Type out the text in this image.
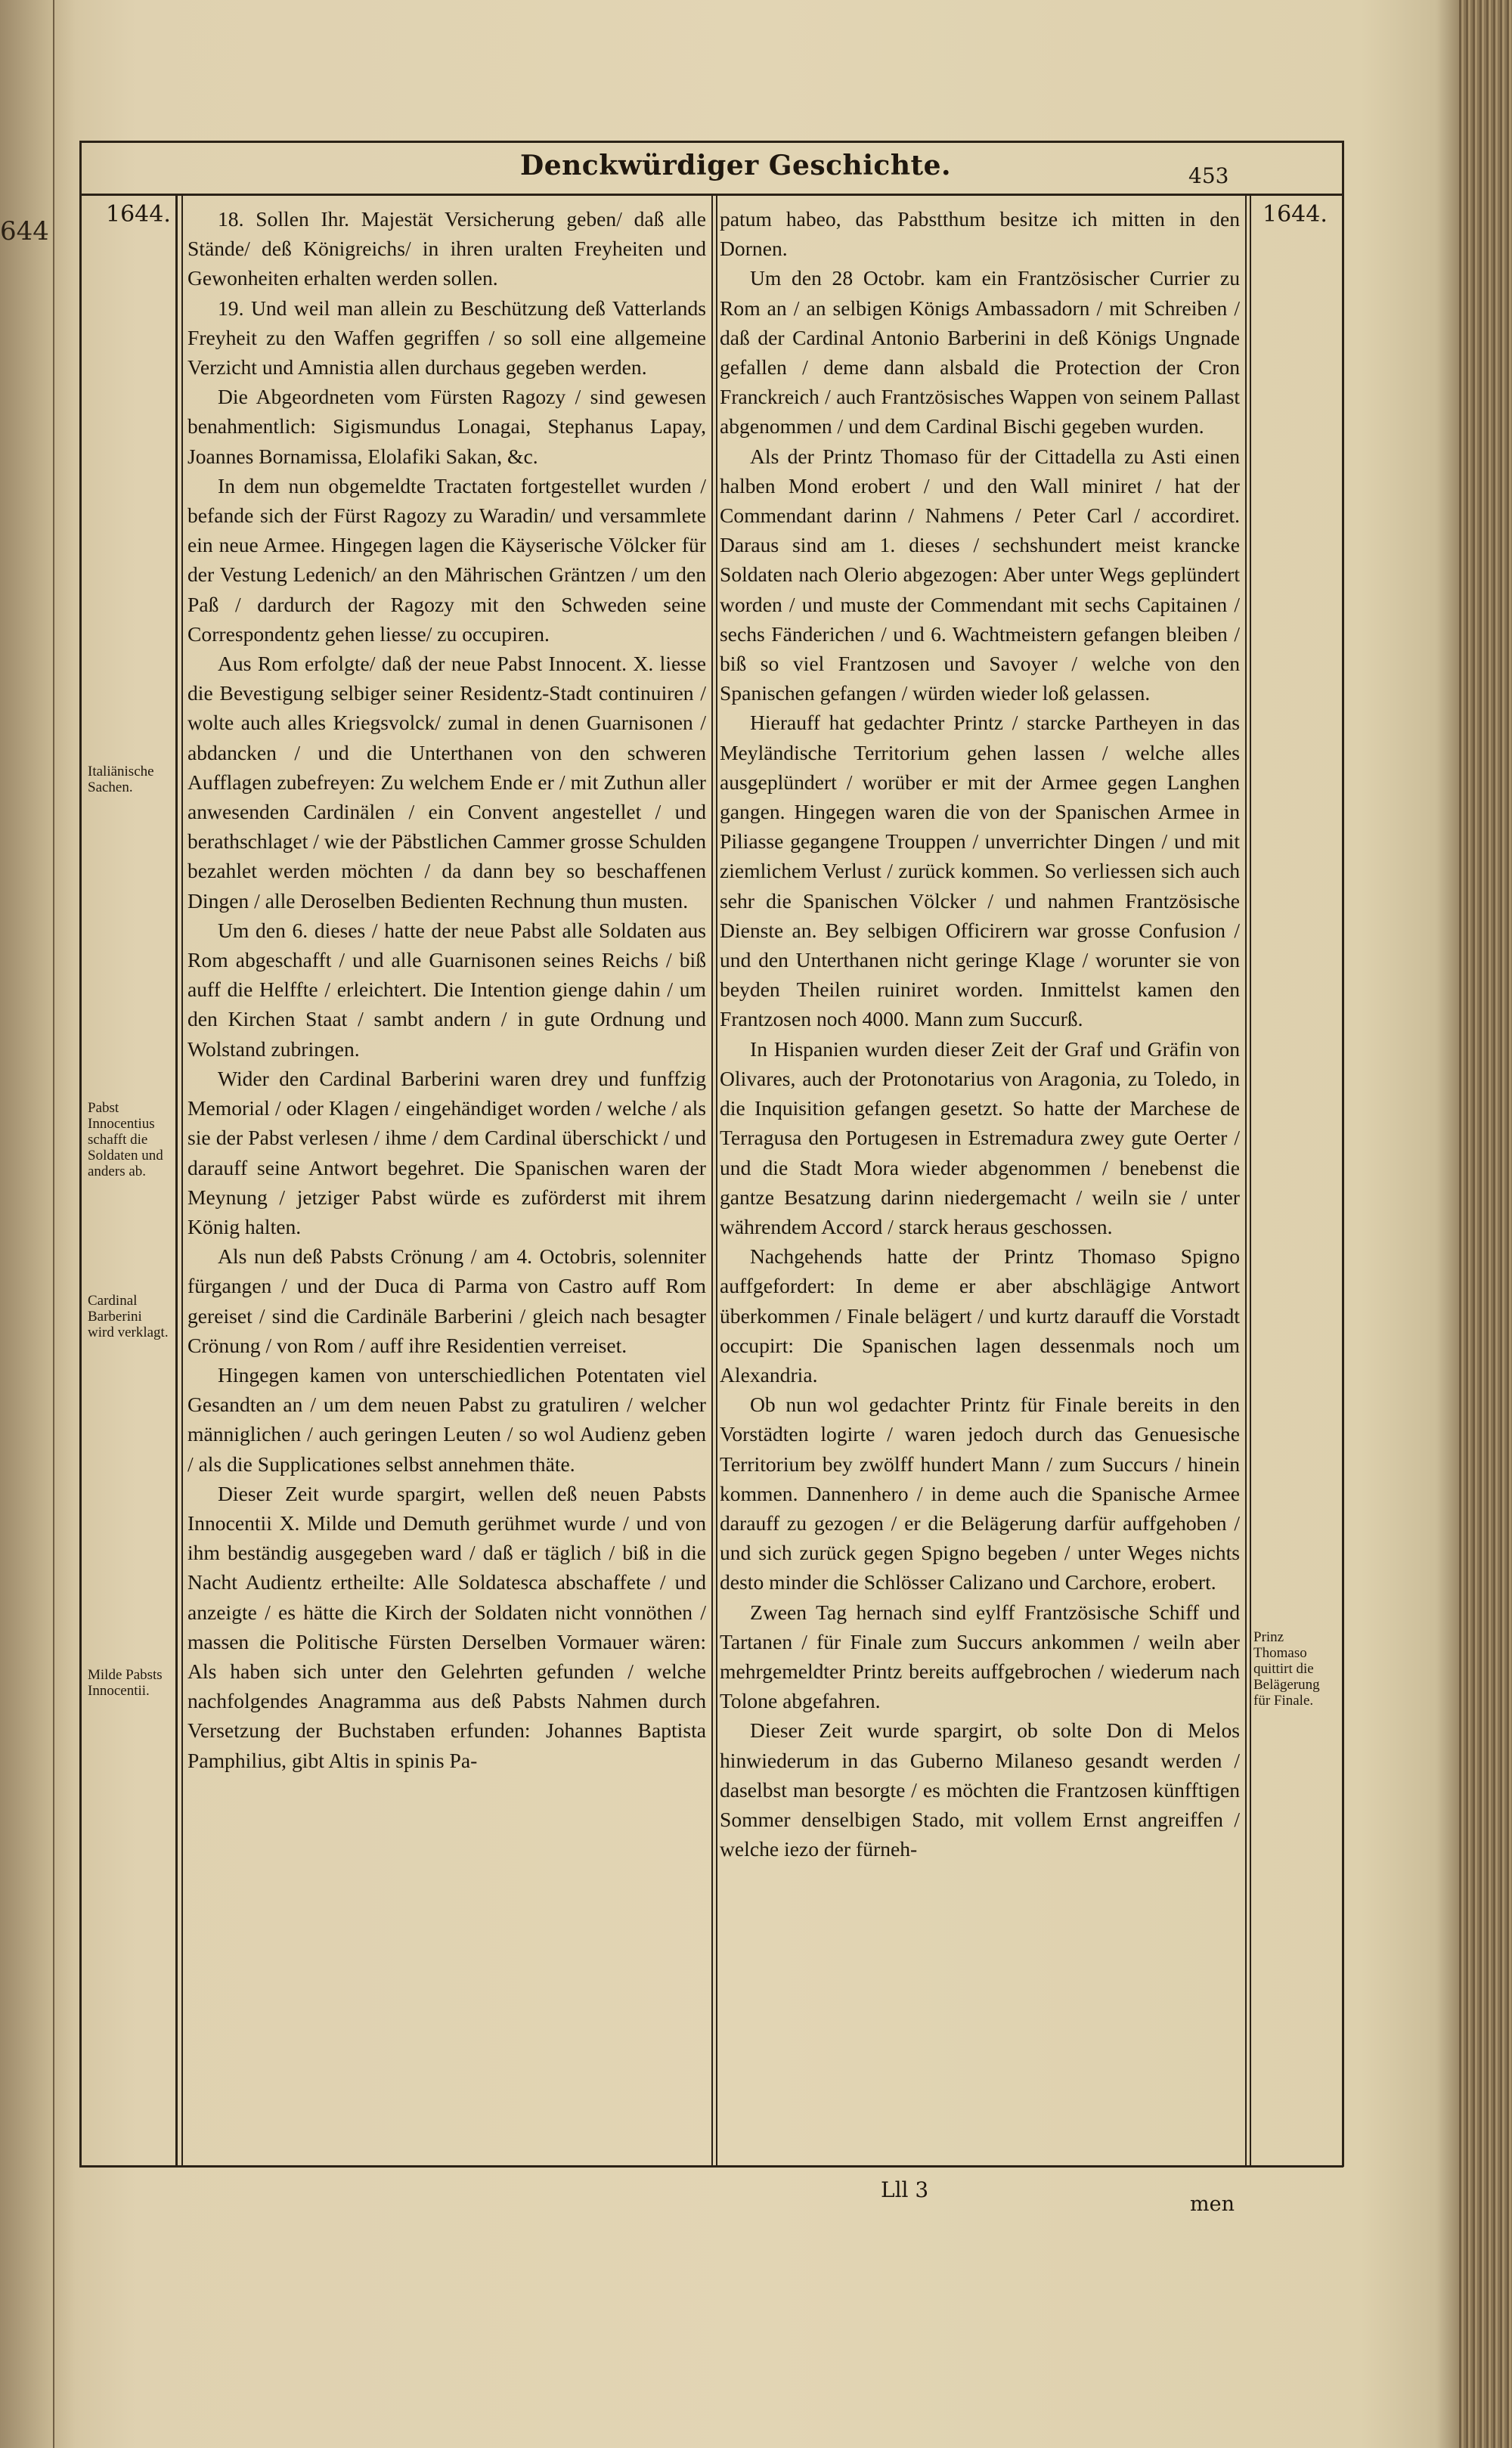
644
Denckwürdiger Geschichte.	453
1644.	1644.
Italiänische Sachen.
Pabst Innocentius schafft die Soldaten und anders ab.
Cardinal Barberini wird verklagt.
Milde Pabsts Innocentii.
Prinz Thomaso quittirt die Belägerung für Finale.

18. Sollen Ihr. Majestät Versicherung geben/ daß alle Stände/ deß Königreichs/ in ihren uralten Freyheiten und Gewonheiten erhalten werden sollen.

19. Und weil man allein zu Beschützung deß Vatterlands Freyheit zu den Waffen gegriffen / so soll eine allgemeine Verzicht und Amnistia allen durchaus gegeben werden.

Die Abgeordneten vom Fürsten Ragozy / sind gewesen benahmentlich: Sigismundus Lonagai, Stephanus Lapay, Joannes Bornamissa, Elolafiki Sakan, &c.

In dem nun obgemeldte Tractaten fortgestellet wurden / befande sich der Fürst Ragozy zu Waradin/ und versammlete ein neue Armee. Hingegen lagen die Käyserische Völcker für der Vestung Ledenich/ an den Mährischen Gräntzen / um den Paß / dardurch der Ragozy mit den Schweden seine Correspondentz gehen liesse/ zu occupiren.

Aus Rom erfolgte/ daß der neue Pabst Innocent. X. liesse die Bevestigung selbiger seiner Residentz-Stadt continuiren / wolte auch alles Kriegsvolck/ zumal in denen Guarnisonen / abdancken / und die Unterthanen von den schweren Aufflagen zubefreyen: Zu welchem Ende er / mit Zuthun aller anwesenden Cardinälen / ein Convent angestellet / und berathschlaget / wie der Päbstlichen Cammer grosse Schulden bezahlet werden möchten / da dann bey so beschaffenen Dingen / alle Deroselben Bedienten Rechnung thun musten.

Um den 6. dieses / hatte der neue Pabst alle Soldaten aus Rom abgeschafft / und alle Guarnisonen seines Reichs / biß auff die Helffte / erleichtert. Die Intention gienge dahin / um den Kirchen Staat / sambt andern / in gute Ordnung und Wolstand zubringen.

Wider den Cardinal Barberini waren drey und funffzig Memorial / oder Klagen / eingehändiget worden / welche / als sie der Pabst verlesen / ihme / dem Cardinal überschickt / und darauff seine Antwort begehret. Die Spanischen waren der Meynung / jetziger Pabst würde es zuförderst mit ihrem König halten.

Als nun deß Pabsts Crönung / am 4. Octobris, solenniter fürgangen / und der Duca di Parma von Castro auff Rom gereiset / sind die Cardinäle Barberini / gleich nach besagter Crönung / von Rom / auff ihre Residentien verreiset.

Hingegen kamen von unterschiedlichen Potentaten viel Gesandten an / um dem neuen Pabst zu gratuliren / welcher männiglichen / auch geringen Leuten / so wol Audienz geben / als die Supplicationes selbst annehmen thäte.

Dieser Zeit wurde spargirt, wellen deß neuen Pabsts Innocentii X. Milde und Demuth gerühmet wurde / und von ihm beständig ausgegeben ward / daß er täglich / biß in die Nacht Audientz ertheilte: Alle Soldatesca abschaffete / und anzeigte / es hätte die Kirch der Soldaten nicht vonnöthen / massen die Politische Fürsten Derselben Vormauer wären: Als haben sich unter den Gelehrten gefunden / welche nachfolgendes Anagramma aus deß Pabsts Nahmen durch Versetzung der Buchstaben erfunden: Johannes Baptista Pamphilius, gibt Altis in spinis Pa-

patum habeo, das Pabstthum besitze ich mitten in den Dornen.

Um den 28 Octobr. kam ein Frantzösischer Currier zu Rom an / an selbigen Königs Ambassadorn / mit Schreiben / daß der Cardinal Antonio Barberini in deß Königs Ungnade gefallen / deme dann alsbald die Protection der Cron Franckreich / auch Frantzösisches Wappen von seinem Pallast abgenommen / und dem Cardinal Bischi gegeben wurden.

Als der Printz Thomaso für der Cittadella zu Asti einen halben Mond erobert / und den Wall miniret / hat der Commendant darinn / Nahmens / Peter Carl / accordiret. Daraus sind am 1. dieses / sechshundert meist krancke Soldaten nach Olerio abgezogen: Aber unter Wegs geplündert worden / und muste der Commendant mit sechs Capitainen / sechs Fänderichen / und 6. Wachtmeistern gefangen bleiben / biß so viel Frantzosen und Savoyer / welche von den Spanischen gefangen / würden wieder loß gelassen.

Hierauff hat gedachter Printz / starcke Partheyen in das Meyländische Territorium gehen lassen / welche alles ausgeplündert / worüber er mit der Armee gegen Langhen gangen. Hingegen waren die von der Spanischen Armee in Piliasse gegangene Trouppen / unverrichter Dingen / und mit ziemlichem Verlust / zurück kommen. So verliessen sich auch sehr die Spanischen Völcker / und nahmen Frantzösische Dienste an. Bey selbigen Officirern war grosse Confusion / und den Unterthanen nicht geringe Klage / worunter sie von beyden Theilen ruiniret worden. Inmittelst kamen den Frantzosen noch 4000. Mann zum Succurß.

In Hispanien wurden dieser Zeit der Graf und Gräfin von Olivares, auch der Protonotarius von Aragonia, zu Toledo, in die Inquisition gefangen gesetzt. So hatte der Marchese de Terragusa den Portugesen in Estremadura zwey gute Oerter / und die Stadt Mora wieder abgenommen / benebenst die gantze Besatzung darinn niedergemacht / weiln sie / unter währendem Accord / starck heraus geschossen.

Nachgehends hatte der Printz Thomaso Spigno auffgefordert: In deme er aber abschlägige Antwort überkommen / Finale belägert / und kurtz darauff die Vorstadt occupirt: Die Spanischen lagen dessenmals noch um Alexandria.

Ob nun wol gedachter Printz für Finale bereits in den Vorstädten logirte / waren jedoch durch das Genuesische Territorium bey zwölff hundert Mann / zum Succurs / hinein kommen. Dannenhero / in deme auch die Spanische Armee darauff zu gezogen / er die Belägerung darfür auffgehoben / und sich zurück gegen Spigno begeben / unter Weges nichts desto minder die Schlösser Calizano und Carchore, erobert.

Zween Tag hernach sind eylff Frantzösische Schiff und Tartanen / für Finale zum Succurs ankommen / weiln aber mehrgemeldter Printz bereits auffgebrochen / wiederum nach Tolone abgefahren.

Dieser Zeit wurde spargirt, ob solte Don di Melos hinwiederum in das Guberno Milaneso gesandt werden / daselbst man besorgte / es möchten die Frantzosen künfftigen Sommer denselbigen Stado, mit vollem Ernst angreiffen / welche iezo der fürneh-

Lll 3
men
